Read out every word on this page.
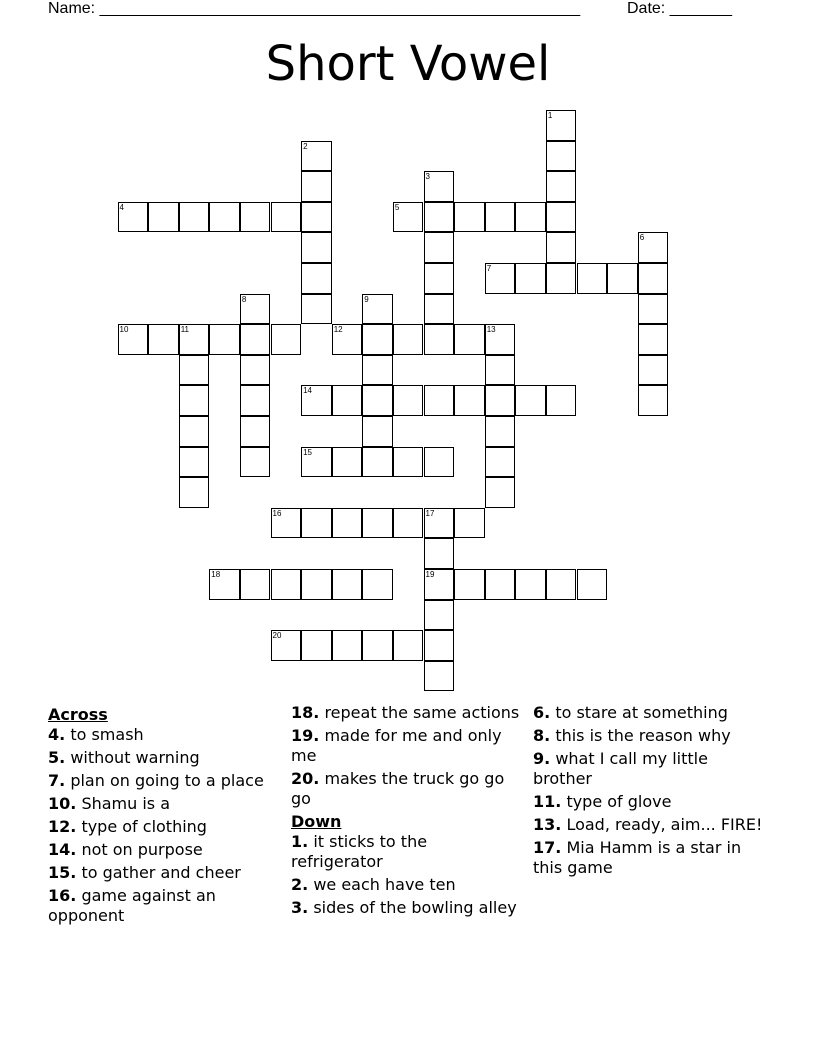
Name: ______________________________________________________	Date: _______
Short Vowel
1
2
3
4	5
6
7
8	9
10	11	12	13
14
15
16	17
19
18
20
Across
4. to smash
5. without warning
7. plan on going to a place
10. Shamu is a
12. type of clothing
14. not on purpose
15. to gather and cheer
16. game against an opponent
18. repeat the same actions
19. made for me and only me
20. makes the truck go go go
Down
1. it sticks to the refrigerator
2. we each have ten
3. sides of the bowling alley
6. to stare at something
8. this is the reason why
9. what I call my little brother
11. type of glove
13. Load, ready, aim... FIRE!
17. Mia Hamm is a star in this game
